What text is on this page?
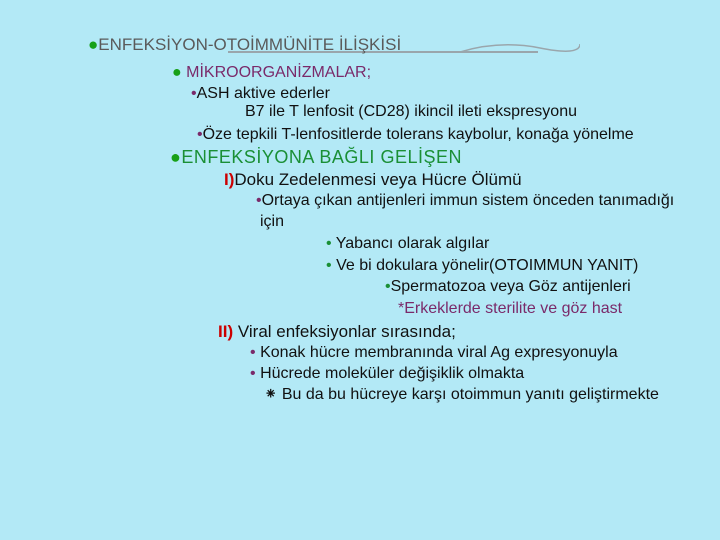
●ENFEKSİYON-OTOİMMÜNİTE İLİŞKİSİ
● MİKROORGANİZMALAR;
•ASH aktive ederler
B7 ile T lenfosit (CD28) ikincil ileti ekspresyonu
•Öze tepkili T-lenfositlerde tolerans kaybolur, konağa yönelme
●ENFEKSİYONA BAĞLI GELİŞEN
I)Doku Zedelenmesi veya Hücre Ölümü
•Ortaya çıkan antijenleri immun sistem önceden tanımadığı
için
• Yabancı olarak algılar
• Ve bi dokulara yönelir(OTOIMMUN YANIT)
•Spermatozoa veya Göz antijenleri
*Erkeklerde sterilite ve göz hast
II) Viral enfeksiyonlar sırasında;
• Konak hücre membranında viral Ag expresyonuyla
• Hücrede moleküler değişiklik olmakta
⁕ Bu da bu hücreye karşı otoimmun yanıtı geliştirmekte
